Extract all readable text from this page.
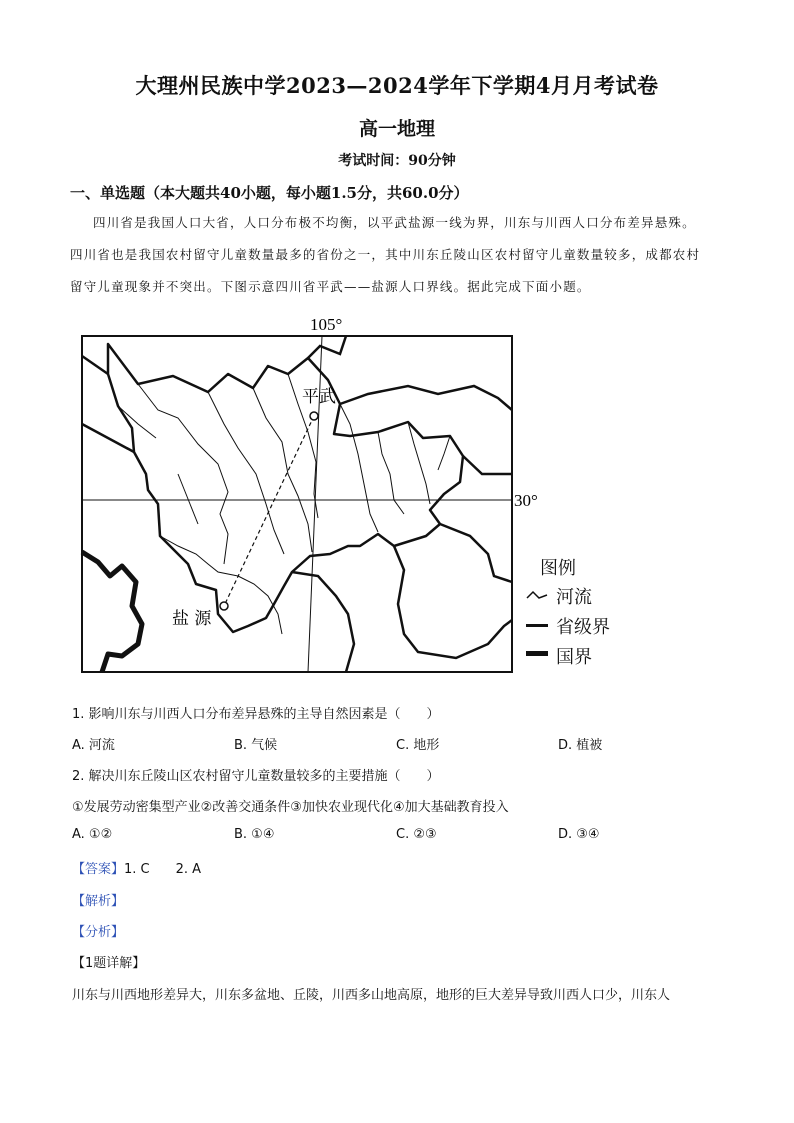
大理州民族中学2023—2024学年下学期4月月考试卷
高一地理
考试时间：90分钟
一、单选题（本大题共40小题，每小题1.5分，共60.0分）
四川省是我国人口大省，人口分布极不均衡，以平武盐源一线为界，川东与川西人口分布差异悬殊。
四川省也是我国农村留守儿童数量最多的省份之一，其中川东丘陵山区农村留守儿童数量较多，成都农村
留守儿童现象并不突出。下图示意四川省平武——盐源人口界线。据此完成下面小题。
105°
30°
平武
盐 源
图例
图例
河流
省级界
国界
1. 影响川东与川西人口分布差异悬殊的主导自然因素是（　　）
A. 河流	B. 气候	C. 地形	D. 植被
2. 解决川东丘陵山区农村留守儿童数量较多的主要措施（　　）
①发展劳动密集型产业②改善交通条件③加快农业现代化④加大基础教育投入
A. ①②	B. ①④	C. ②③	D. ③④
【答案】1. C　　2. A
【解析】
【分析】
【1题详解】
川东与川西地形差异大，川东多盆地、丘陵，川西多山地高原，地形的巨大差异导致川西人口少，川东人
